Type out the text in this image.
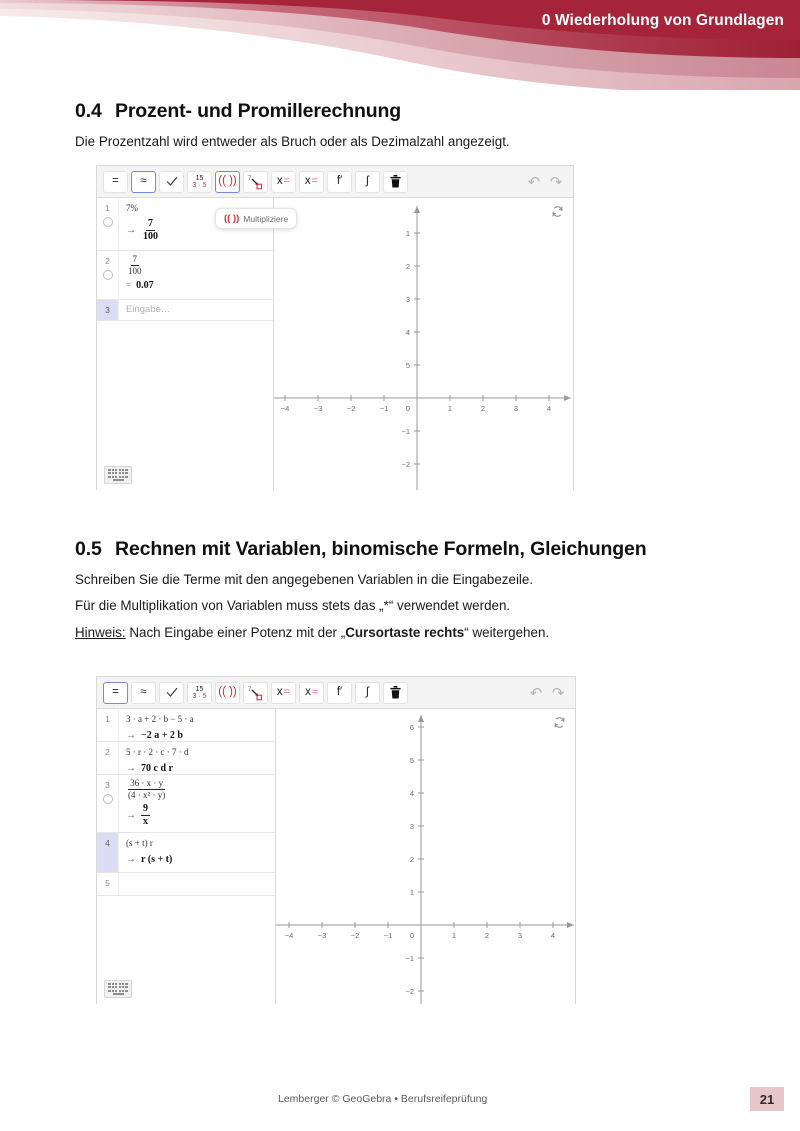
0 Wiederholung von Grundlagen
0.4 Prozent- und Promillerechnung

Die Prozentzahl wird entweder als Bruch oder als Dezimalzahl angezeigt.

=	≈	15
3 · 5 (( ))	7 x = x =	f′	∫	↶ ↷
1 7%
→ $\frac{7}{100}$
$2 \frac{7}{100}$
= 0.07
3 Eingabe…
−4	−3	−2	−1 0	1	2	3	4
5
4
3
2
1
−1
−2
(( )) Multipliziere
0.5 Rechnen mit Variablen, binomische Formeln, Gleichungen

Schreiben Sie die Terme mit den angegebenen Variablen in die Eingabezeile.

Für die Multiplikation von Variablen muss stets das „*“ verwendet werden.

Hinweis: Nach Eingabe einer Potenz mit der „Cursortaste rechts“ weitergehen.

=	≈	15
3 · 5 (( ))	7 x = x ≈	f′	∫	↶ ↷
1 3 · a + 2 · b − 5 · a
→ −2 a + 2 b
2 5 · r · 2 · c · 7 · d
→ 70 c d r
$3 \frac{36 \cdot x \cdot y}{\text{(4 · x² · y)}}$
→ $\frac{9}{x}$
4 (s + t) r
→ r (s + t)
5
−4	−3	−2	−1 0	1	2	3	4
6
5
4
3
2
1
−1
−2
Lemberger © GeoGebra • Berufsreifeprüfung	21
